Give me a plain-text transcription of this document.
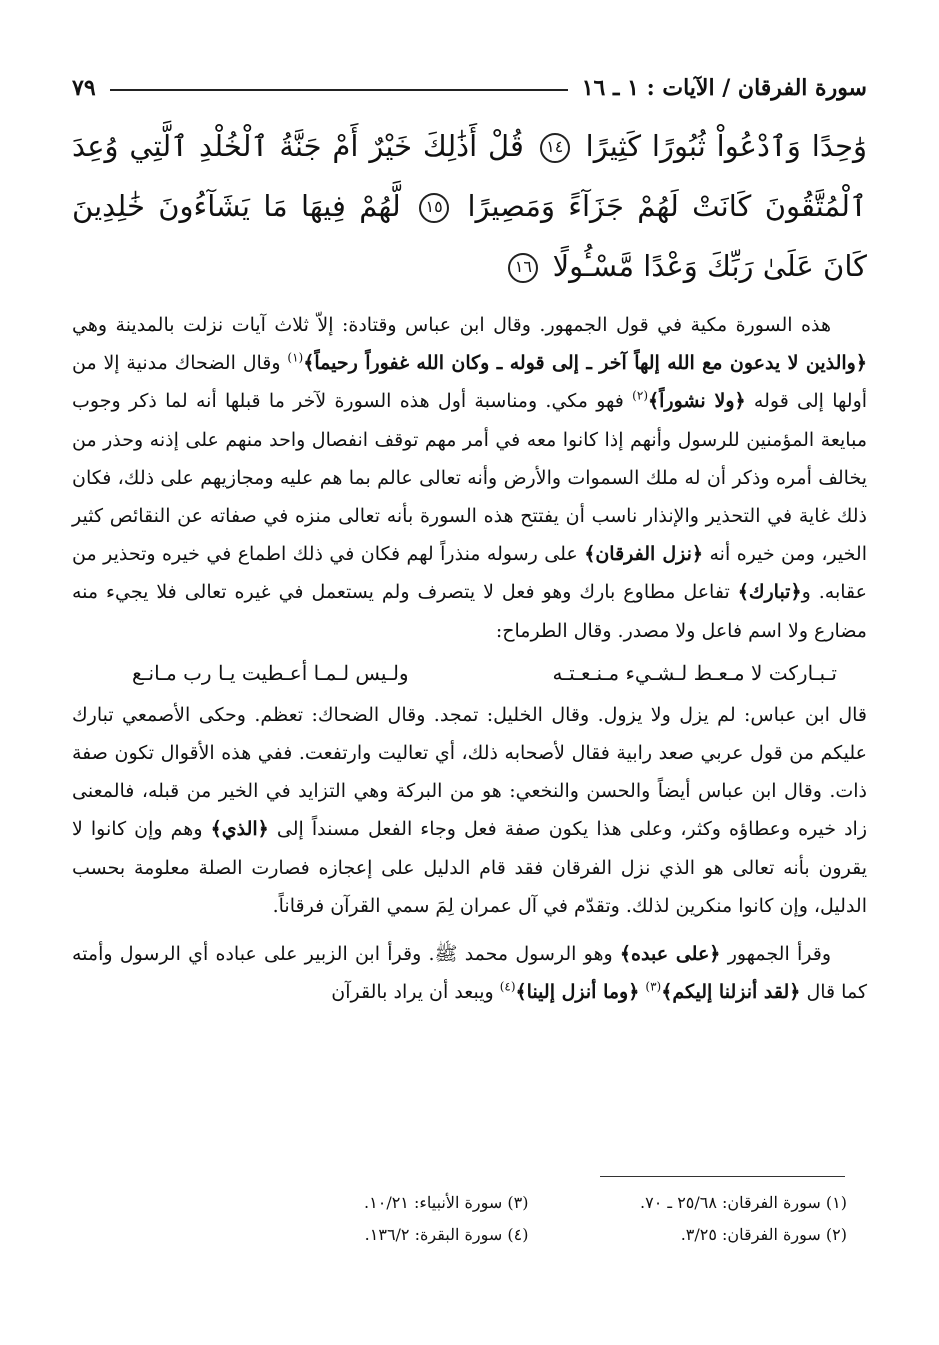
سورة الفرقان / الآيات : ١ ـ ١٦
٧٩
وَٰحِدًا وَٱدْعُواْ ثُبُورًا كَثِيرًا ١٤ قُلْ أَذَٰلِكَ خَيْرٌ أَمْ جَنَّةُ ٱلْخُلْدِ ٱلَّتِي وُعِدَ ٱلْمُتَّقُونَ كَانَتْ لَهُمْ جَزَآءً وَمَصِيرًا ١٥ لَّهُمْ فِيهَا مَا يَشَآءُونَ خَٰلِدِينَ كَانَ عَلَىٰ رَبِّكَ وَعْدًا مَّسْـُٔولًا ١٦

هذه السورة مكية في قول الجمهور. وقال ابن عباس وقتادة: إلاّ ثلاث آيات نزلت بالمدينة وهي ﴿والذين لا يدعون مع الله إلهاً آخر ـ إلى قوله ـ وكان الله غفوراً رحيماً﴾$^{(١)}$ وقال الضحاك مدنية إلا من أولها إلى قوله ﴿ولا نشوراً﴾$^{(٢)}$ فهو مكي. ومناسبة أول هذه السورة لآخر ما قبلها أنه لما ذكر وجوب مبايعة المؤمنين للرسول وأنهم إذا كانوا معه في أمر مهم توقف انفصال واحد منهم على إذنه وحذر من يخالف أمره وذكر أن له ملك السموات والأرض وأنه تعالى عالم بما هم عليه ومجازيهم على ذلك، فكان ذلك غاية في التحذير والإنذار ناسب أن يفتتح هذه السورة بأنه تعالى منزه في صفاته عن النقائص كثير الخير، ومن خيره أنه ﴿نزل الفرقان﴾ على رسوله منذراً لهم فكان في ذلك اطماع في خيره وتحذير من عقابه. و﴿تبارك﴾ تفاعل مطاوع بارك وهو فعل لا يتصرف ولم يستعمل في غيره تعالى فلا يجيء منه مضارع ولا اسم فاعل ولا مصدر. وقال الطرماح:

تـبـاركت لا مـعـط لـشـيء مـنـعـتـه
ولـيس لـمـا أعـطيت يـا رب مـانـع

قال ابن عباس: لم يزل ولا يزول. وقال الخليل: تمجد. وقال الضحاك: تعظم. وحكى الأصمعي تبارك عليكم من قول عربي صعد رابية فقال لأصحابه ذلك، أي تعاليت وارتفعت. ففي هذه الأقوال تكون صفة ذات. وقال ابن عباس أيضاً والحسن والنخعي: هو من البركة وهي التزايد في الخير من قبله، فالمعنى زاد خيره وعطاؤه وكثر، وعلى هذا يكون صفة فعل وجاء الفعل مسنداً إلى ﴿الذي﴾ وهم وإن كانوا لا يقرون بأنه تعالى هو الذي نزل الفرقان فقد قام الدليل على إعجازه فصارت الصلة معلومة بحسب الدليل، وإن كانوا منكرين لذلك. وتقدّم في آل عمران لِمَ سمي القرآن فرقاناً.

وقرأ الجمهور ﴿على عبده﴾ وهو الرسول محمد ﷺ. وقرأ ابن الزبير على عباده أي الرسول وأمته كما قال ﴿لقد أنزلنا إليكم﴾$^{(٣)}$ ﴿وما أنزل إلينا﴾$^{(٤)}$ ويبعد أن يراد بالقرآن

(١) سورة الفرقان: ٢٥/٦٨ ـ ٧٠.
(٣) سورة الأنبياء: ١٠/٢١.
(٢) سورة الفرقان: ٣/٢٥.
(٤) سورة البقرة: ١٣٦/٢.
